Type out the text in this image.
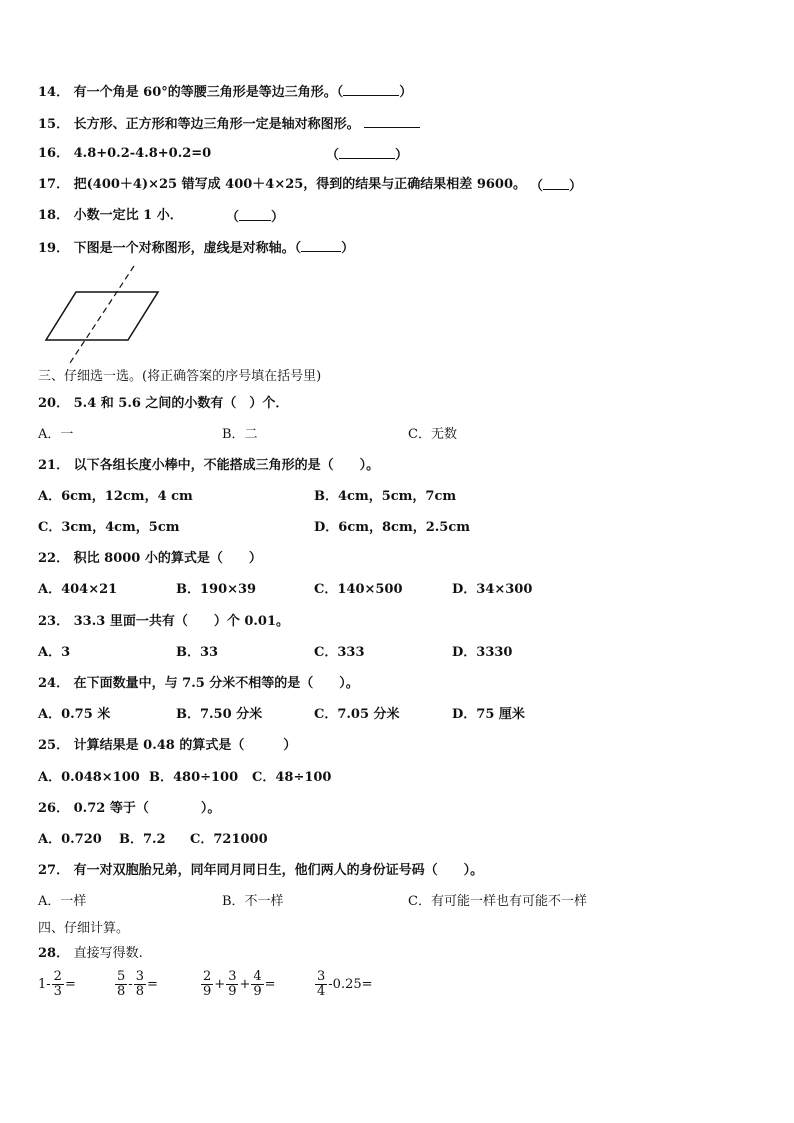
14． 有一个角是 60°的等腰三角形是等边三角形。（	）
15． 长方形、正方形和等边三角形一定是轴对称图形。
16． 4.8+0.2-4.8+0.2=0	（	）
17． 把(400＋4)×25 错写成 400＋4×25，得到的结果与正确结果相差 9600。 （ ）
18． 小数一定比 1 小．	（ ）
19． 下图是一个对称图形，虚线是对称轴。（	）
三、仔细选一选。(将正确答案的序号填在括号里)
20． 5.4 和 5.6 之间的小数有（　）个．
A．一	B．二	C．无数
21． 以下各组长度小棒中，不能搭成三角形的是（　　）。
A．6cm，12cm，4 cm	B．4cm，5cm，7cm
C．3cm，4cm，5cm	D．6cm，8cm，2.5cm
22． 积比 8000 小的算式是（　　）
A．404×21	B．190×39	C．140×500	D．34×300
23． 33.3 里面一共有（　　）个 0.01。
A．3	B．33	C．333	D．3330
24． 在下面数量中，与 7.5 分米不相等的是（　　）。
A．0.75 米	B．7.50 分米	C．7.05 分米	D．75 厘米
25． 计算结果是 0.48 的算式是（　　　）
A．0.048×100 B．480÷100 C．48÷100
26． 0.72 等于（　　　　）。
A．0.720 B．7.2 C．721000
27． 有一对双胞胎兄弟，同年同月同日生，他们两人的身份证号码（　　）。
A．一样	B．不一样	C．有可能一样也有可能不一样
四、仔细计算。
28． 直接写得数.
$1- \frac{2}{3}$ =	$\frac{5}{8} - \frac{3}{8}$ =	$\frac{2}{9} + \frac{3}{9} + \frac{4}{9}$ =	$\frac{3}{4} -0.25=$
